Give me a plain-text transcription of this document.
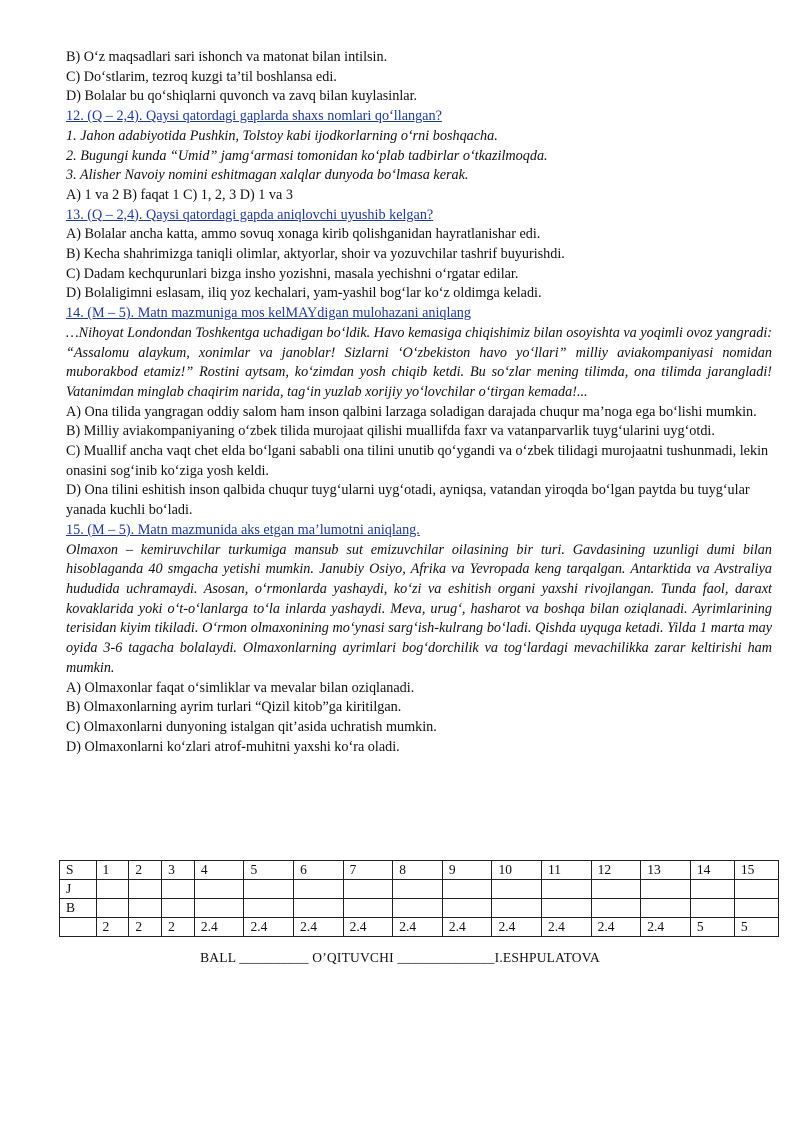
B) O‘z maqsadlari sari ishonch va matonat bilan intilsin.
C) Do‘stlarim, tezroq kuzgi ta’til boshlansa edi.
D) Bolalar bu qo‘shiqlarni quvonch va zavq bilan kuylasinlar.
12. (Q – 2,4). Qaysi qatordagi gaplarda shaxs nomlari qo‘llangan?
1. Jahon adabiyotida Pushkin, Tolstoy kabi ijodkorlarning o‘rni boshqacha.
2. Bugungi kunda “Umid” jamg‘armasi tomonidan ko‘plab tadbirlar o‘tkazilmoqda.
3. Alisher Navoiy nomini eshitmagan xalqlar dunyoda bo‘lmasa kerak.
A) 1 va 2 B) faqat 1 C) 1, 2, 3 D) 1 va 3
13. (Q – 2,4). Qaysi qatordagi gapda aniqlovchi uyushib kelgan?
A) Bolalar ancha katta, ammo sovuq xonaga kirib qolishganidan hayratlanishar edi.
B) Kecha shahrimizga taniqli olimlar, aktyorlar, shoir va yozuvchilar tashrif buyurishdi.
C) Dadam kechqurunlari bizga insho yozishni, masala yechishni o‘rgatar edilar.
D) Bolaligimni eslasam, iliq yoz kechalari, yam-yashil bog‘lar ko‘z oldimga keladi.
14. (M – 5). Matn mazmuniga mos kelMAYdigan mulohazani aniqlang

…Nihoyat Londondan Toshkentga uchadigan bo‘ldik. Havo kemasiga chiqishimiz bilan osoyishta va yoqimli ovoz yangradi: “Assalomu alaykum, xonimlar va janoblar! Sizlarni ‘O‘zbekiston havo yo‘llari” milliy aviakompaniyasi nomidan muborakbod etamiz!” Rostini aytsam, ko‘zimdan yosh chiqib ketdi. Bu so‘zlar mening tilimda, ona tilimda jarangladi! Vatanimdan minglab chaqirim narida, tag‘in yuzlab xorijiy yo‘lovchilar o‘tirgan kemada!...

A) Ona tilida yangragan oddiy salom ham inson qalbini larzaga soladigan darajada chuqur ma’noga ega bo‘lishi mumkin.

B) Milliy aviakompaniyaning o‘zbek tilida murojaat qilishi muallifda faxr va vatanparvarlik tuyg‘ularini uyg‘otdi.

C) Muallif ancha vaqt chet elda bo‘lgani sababli ona tilini unutib qo‘ygandi va o‘zbek tilidagi murojaatni tushunmadi, lekin onasini sog‘inib ko‘ziga yosh keldi.

D) Ona tilini eshitish inson qalbida chuqur tuyg‘ularni uyg‘otadi, ayniqsa, vatandan yiroqda bo‘lgan paytda bu tuyg‘ular yanada kuchli bo‘ladi.

15. (M – 5). Matn mazmunida aks etgan ma’lumotni aniqlang.

Olmaxon – kemiruvchilar turkumiga mansub sut emizuvchilar oilasining bir turi. Gavdasining uzunligi dumi bilan hisoblaganda 40 smgacha yetishi mumkin. Janubiy Osiyo, Afrika va Yevropada keng tarqalgan. Antarktida va Avstraliya hududida uchramaydi. Asosan, o‘rmonlarda yashaydi, ko‘zi va eshitish organi yaxshi rivojlangan. Tunda faol, daraxt kovaklarida yoki o‘t-o‘lanlarga to‘la inlarda yashaydi. Meva, urug‘, hasharot va boshqa bilan oziqlanadi. Ayrimlarining terisidan kiyim tikiladi. O‘rmon olmaxonining mo‘ynasi sarg‘ish-kulrang bo‘ladi. Qishda uyquga ketadi. Yilda 1 marta may oyida 3-6 tagacha bolalaydi. Olmaxonlarning ayrimlari bog‘dorchilik va tog‘lardagi mevachilikka zarar keltirishi ham mumkin.

A) Olmaxonlar faqat o‘simliklar va mevalar bilan oziqlanadi.
B) Olmaxonlarning ayrim turlari “Qizil kitob”ga kiritilgan.
C) Olmaxonlarni dunyoning istalgan qit’asida uchratish mumkin.
D) Olmaxonlarni ko‘zlari atrof-muhitni yaxshi ko‘ra oladi.
S	1	2	3	4	5	6	7	8	9	10	11	12	13	14	15
J															
B															
	2	2	2	2.4	2.4	2.4	2.4	2.4	2.4	2.4	2.4	2.4	2.4	5	5
BALL __________ O’QITUVCHI ______________I.ESHPULATOVA
